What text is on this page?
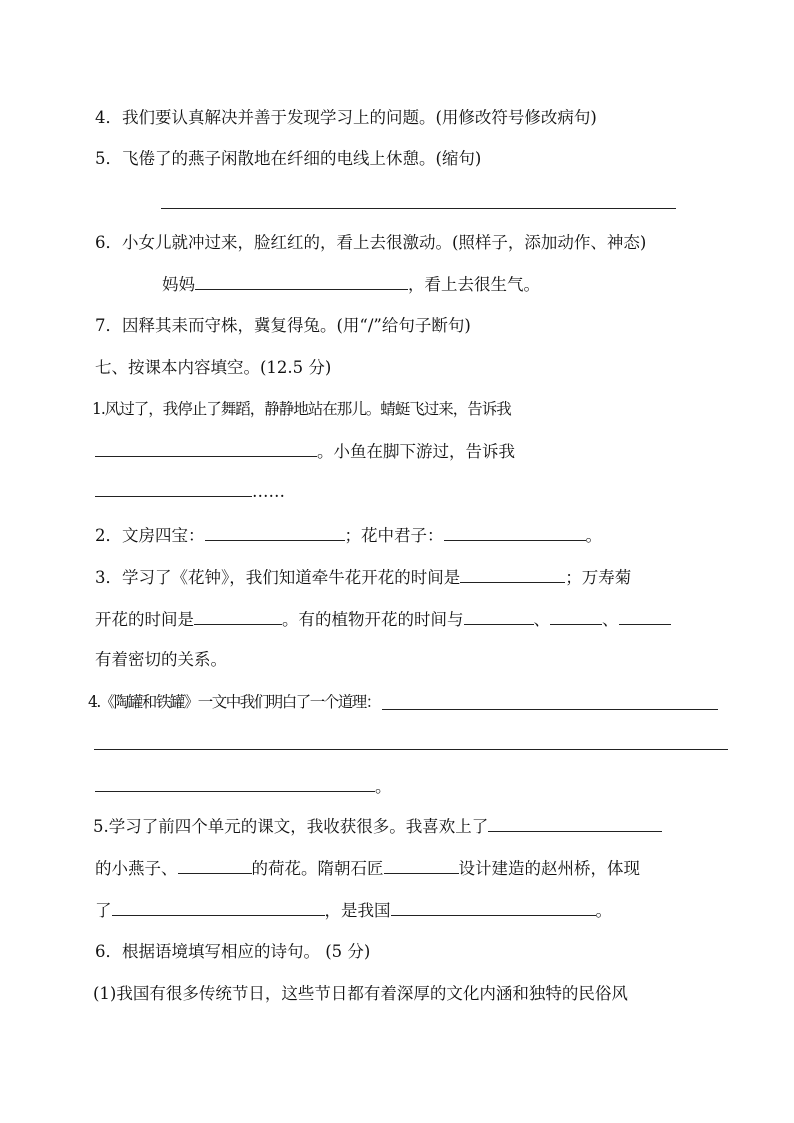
4．我们要认真解决并善于发现学习上的问题。(用修改符号修改病句)
5．飞倦了的燕子闲散地在纤细的电线上休憩。(缩句)
6．小女儿就冲过来，脸红红的，看上去很激动。(照样子，添加动作、神态)
妈妈	，看上去很生气。
7．因释其耒而守株，冀复得兔。(用“/”给句子断句)
七、按课本内容填空。(12.5 分)
1.风过了，我停止了舞蹈，静静地站在那儿。蜻蜓飞过来，告诉我
。小鱼在脚下游过，告诉我
……
2．文房四宝：	；花中君子：	。
3．学习了《花钟》，我们知道牵牛花开花的时间是	；万寿菊
开花的时间是	。有的植物开花的时间与	、	、
有着密切的关系。
4.《陶罐和铁罐》一文中我们明白了一个道理：
。
5.学习了前四个单元的课文，我收获很多。我喜欢上了
的小燕子、	的荷花。隋朝石匠	设计建造的赵州桥，体现
了	，是我国	。
6．根据语境填写相应的诗句。 (5 分)
(1)我国有很多传统节日，这些节日都有着深厚的文化内涵和独特的民俗风
